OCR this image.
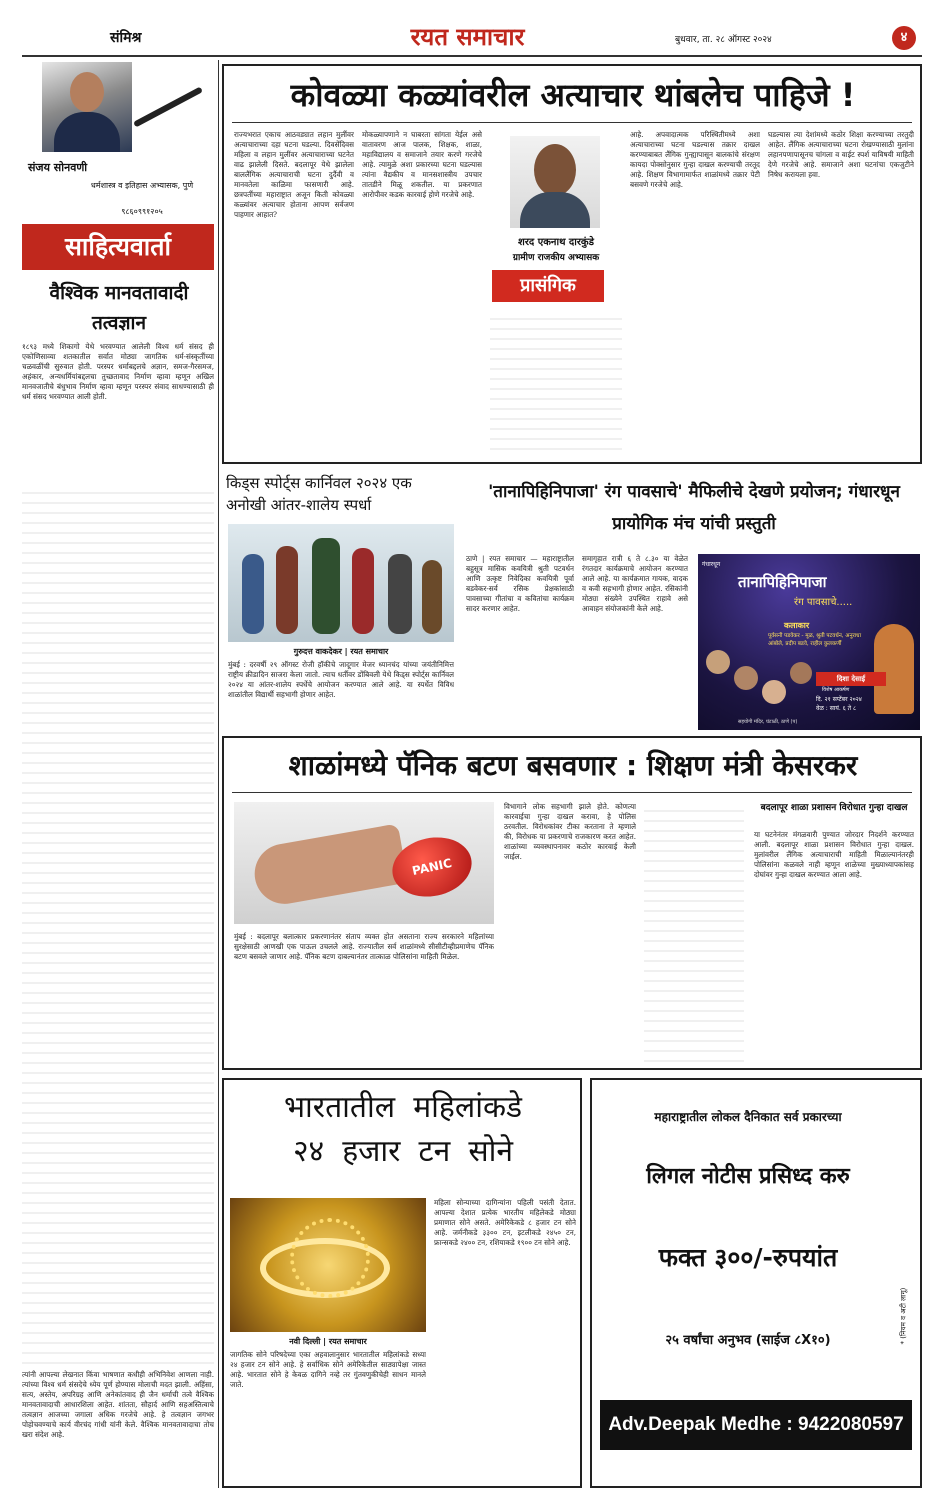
संमिश्र	रयत समाचार	बुधवार, ता. २८ ऑगस्ट २०२४	४
संजय सोनवणी
धर्मशास्त्र व इतिहास अभ्यासक, पुणे
९८६०९९१२०५
साहित्यवार्ता
वैश्विक मानवतावादी तत्वज्ञान
१८९३ मध्ये शिकागो येथे भरवण्यात आलेली विश्व धर्म संसद ही एकोणिसाव्या शतकातील सर्वात मोठ्या जागतिक धर्म-संस्कृतींच्या चळवळींची सुरुवात होती. परस्पर धर्माबद्दलचे अज्ञान, समज-गैरसमज, अहंकार, अन्यधर्मियांबद्दलचा तुच्छतावाद निर्माण व्हावा म्हणून अखिल मानवजातीचे बंधुभाव निर्माण व्हावा म्हणून परस्पर संवाद साधण्यासाठी ही धर्म संसद भरवण्यात आली होती.
त्यांनी आपल्या लेखनात किंवा भाषणात कधीही अभिनिवेश आणला नाही. त्यांच्या विश्व धर्म संसदेचे ध्येय पूर्ण होण्यास मोलाची मदत झाली. अहिंसा, सत्य, अस्तेय, अपरिग्रह आणि अनेकांतवाद ही जैन धर्माची तत्वे वैश्विक मानवतावादाची आधारशिला आहेत. शांतता, सौहार्द आणि सहअस्तित्वाचे तत्वज्ञान आजच्या जगाला अधिक गरजेचे आहे. हे तत्वज्ञान जगभर पोहोचवण्याचे कार्य वीरचंद गांधी यांनी केले. वैश्विक मानवतावादाचा तोच खरा संदेश आहे.
कोवळ्या कळ्यांवरील अत्याचार थांबलेच पाहिजे !
राज्यभरात एकाच आठवड्यात लहान मुलींवर अत्याचाराच्या दहा घटना घडल्या. दिवसेंदिवस महिला व लहान मुलींवर अत्याचाराच्या घटनेत वाढ झालेली दिसते. बदलापूर येथे झालेला बाललैंगिक अत्याचाराची घटना दुर्दैवी व मानवतेला काळिमा फासणारी आहे. छत्रपतींच्या महाराष्ट्रात अजून किती कोवळ्या कळ्यांवर अत्याचार होताना आपण सर्वजण पाहणार आहात?
मोकळ्यापणाने न घाबरता सांगता येईल असे वातावरण आज पालक, शिक्षक, शाळा, महाविद्यालय व समाजाने तयार करणे गरजेचे आहे. त्यामुळे अशा प्रकारच्या घटना घडल्यास त्यांना वैद्यकीय व मानसशास्त्रीय उपचार तातडीने मिळू शकतील. या प्रकरणात आरोपीवर कडक कारवाई होणे गरजेचे आहे.
शरद एकनाथ दारकुंडे
ग्रामीण राजकीय अभ्यासक
प्रासंगिक
आहे. अपवादात्मक परिस्थितीमध्ये अशा अत्याचाराच्या घटना घडल्यास तक्रार दाखल करण्याबाबत लैंगिक गुन्ह्यापासून बालकांचे संरक्षण कायदा पोक्सोनुसार गुन्हा दाखल करण्याची तरतूद आहे. शिक्षण विभागामार्फत शाळांमध्ये तक्रार पेटी बसवणे गरजेचे आहे.
घडल्यास त्या देशांमध्ये कठोर शिक्षा करण्याच्या तरतुदी आहेत. लैंगिक अत्याचाराच्या घटना रोखण्यासाठी मुलांना लहानपणापासूनच चांगला व वाईट स्पर्श याविषयी माहिती देणे गरजेचे आहे. समाजाने अशा घटनांचा एकजुटीने निषेध करायला हवा.
किड्स स्पोर्ट्स कार्निवल २०२४ एक अनोखी आंतर-शालेय स्पर्धा
गुरुदत्त वाकदेकर | रयत समाचार
मुंबई : दरवर्षी २९ ऑगस्ट रोजी हॉकीचे जादूगार मेजर ध्यानचंद यांच्या जयंतीनिमित्त राष्ट्रीय क्रीडादिन साजरा केला जातो. त्याच धर्तीवर डोंबिवली येथे किड्स स्पोर्ट्स कार्निवल २०२४ या आंतर-शालेय स्पर्धेचे आयोजन करण्यात आले आहे. या स्पर्धेत विविध शाळांतील विद्यार्थी सहभागी होणार आहेत.
'तानापिहिनिपाजा' रंग पावसाचे' मैफिलीचे देखणे प्रयोजन; गंधारधून प्रायोगिक मंच यांची प्रस्तुती
ठाणे | रयत समाचार — महाराष्ट्रातील बहुसूत्र मासिक कवयित्री श्रुती पटवर्धन आणि उत्कृष्ट निवेदिका कवयित्री पूर्वा बडवेकर-सर्व रसिक प्रेक्षकांसाठी पावसाच्या गीतांचा व कवितांचा कार्यक्रम सादर करणार आहेत.
समागृहात रात्री ६ ते ८.३० या वेळेत रंगतदार कार्यक्रमाचे आयोजन करण्यात आले आहे. या कार्यक्रमात गायक, वादक व कवी सहभागी होणार आहेत. रसिकांनी मोठ्या संख्येने उपस्थित राहावे असे आवाहन संयोजकांनी केले आहे.
गंधारधून
तानापिहिनिपाजा
रंग पावसाचे.....
कलाकार
पूर्वसनी पडवेकर - मूळ, श्रुती पटवर्धन, अनुराधा आंबोले, प्रदीप बडवे, राहील कुलकर्णी
दिशा देसाई
विशेष आकर्षण
दि. २१ सप्टेंबर २०२४
वेळ : सायं. ६ ते ८
सहयोगी मंदिर, घंटाळी, ठाणे (प)
शाळांमध्ये पॅनिक बटण बसवणार : शिक्षण मंत्री केसरकर
PANIC
मुंबई : बदलापूर बलात्कार प्रकरणानंतर संताप व्यक्त होत असताना राज्य सरकारने महिलांच्या सुरक्षेसाठी आणखी एक पाऊल उचलले आहे. राज्यातील सर्व शाळांमध्ये सीसीटीव्हीप्रमाणेच पॅनिक बटण बसवले जाणार आहे. पॅनिक बटण दाबल्यानंतर तात्काळ पोलिसांना माहिती मिळेल.
विभागाने लोक सहभागी झाले होते. कोणत्या कारवाईचा गुन्हा दाखल करावा, हे पोलिस ठरवतील. विरोधकांवर टीका करताना ते म्हणाले की, विरोधक या प्रकरणाचे राजकारण करत आहेत. शाळांच्या व्यवस्थापनावर कठोर कारवाई केली जाईल.
बदलापूर शाळा प्रशासन विरोधात गुन्हा दाखल
या घटनेनंतर मंगळवारी पुण्यात जोरदार निदर्शने करण्यात आली. बदलापूर शाळा प्रशासन विरोधात गुन्हा दाखल. मुलांवरील लैंगिक अत्याचाराची माहिती मिळाल्यानंतरही पोलिसांना कळवले नाही म्हणून शाळेच्या मुख्याध्यापकांसह दोघांवर गुन्हा दाखल करण्यात आला आहे.
भारतातील महिलांकडे
२४ हजार टन सोने
नवी दिल्ली | रयत समाचार
जागतिक सोने परिषदेच्या एका अहवालानुसार भारतातील महिलांकडे सध्या २४ हजार टन सोने आहे. हे सर्वाधिक सोने अमेरिकेतील साठ्यापेक्षा जास्त आहे. भारतात सोने हे केवळ दागिने नव्हे तर गुंतवणुकीचेही साधन मानले जाते.
महिला सोन्याच्या दागिन्यांना पहिली पसंती देतात. आपल्या देशात प्रत्येक भारतीय महिलेकडे मोठ्या प्रमाणात सोने असते. अमेरिकेकडे ८ हजार टन सोने आहे. जर्मनीकडे ३३०० टन, इटलीकडे २४५० टन, फ्रान्सकडे २४०० टन, रशियाकडे १९०० टन सोने आहे.
महाराष्ट्रातील लोकल दैनिकात सर्व प्रकारच्या
लिगल नोटीस प्रसिध्द करु
फक्त ३००/-रुपयांत
२५ वर्षांचा अनुभव (साईज ८X१०)	* (नियम व अटी लागू)
Adv.Deepak Medhe : 9422080597
